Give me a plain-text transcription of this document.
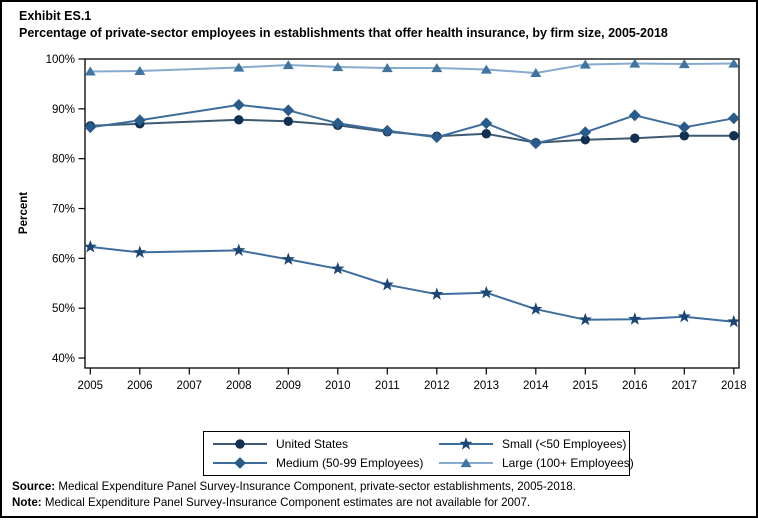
Exhibit ES.1
Percentage of private-sector employees in establishments that offer health insurance, by firm size, 2005-2018
40%
50%
60%
70%
80%
90%
100%
Percent
2005 2006 2007 2008 2009 2010 2011 2012 2013 2014 2015 2016 2017 2018
United States	Small (<50 Employees)
Medium (50-99 Employees)	Large (100+ Employees)
Source: Medical Expenditure Panel Survey-Insurance Component, private-sector establishments, 2005-2018.
Note: Medical Expenditure Panel Survey-Insurance Component estimates are not available for 2007.
